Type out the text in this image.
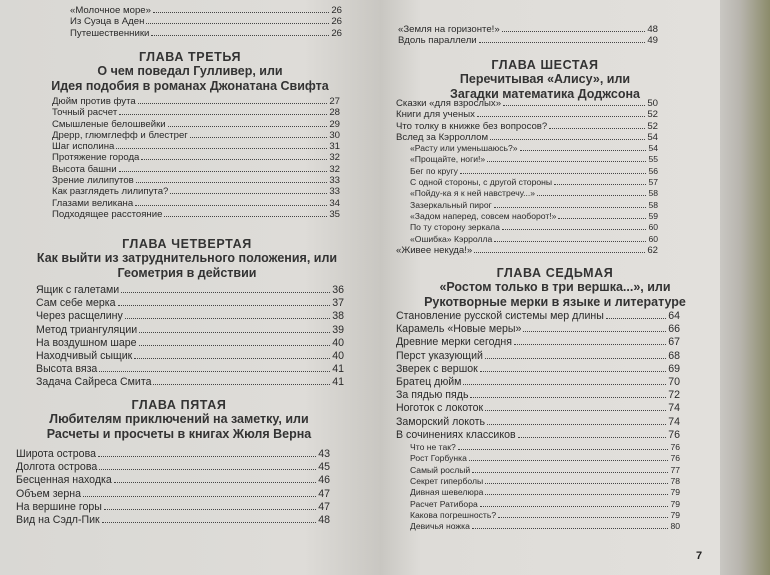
«Молочное море»	26
Из Суэца в Аден	26
Путешественники	26
ГЛАВА ТРЕТЬЯ
О чем поведал Гулливер, или
Идея подобия в романах Джонатана Свифта
Дюйм против фута	27
Точный расчет	28
Смышленые белошвейки	29
Дрерр, глюмглефф и блестрег	30
Шаг исполина	31
Протяжение города	32
Высота башни	32
Зрение лилипутов	33
Как разглядеть лилипута?	33
Глазами великана	34
Подходящее расстояние	35
ГЛАВА ЧЕТВЕРТАЯ
Как выйти из затруднительного положения, или
Геометрия в действии
Ящик с галетами	36
Сам себе мерка	37
Через расщелину	38
Метод триангуляции	39
На воздушном шаре	40
Находчивый сыщик	40
Высота вяза	41
Задача Сайреса Смита	41
ГЛАВА ПЯТАЯ
Любителям приключений на заметку, или
Расчеты и просчеты в книгах Жюля Верна
Широта острова	43
Долгота острова	45
Бесценная находка	46
Объем зерна	47
На вершине горы	47
Вид на Сэдл-Пик	48
«Земля на горизонте!»	48
Вдоль параллели	49
ГЛАВА ШЕСТАЯ
Перечитывая «Алису», или
Загадки математика Доджсона
Сказки «для взрослых»	50
Книги для ученых	52
Что толку в книжке без вопросов?	52
Вслед за Кэрроллом	54
«Расту или уменьшаюсь?»	54
«Прощайте, ноги!»	55
Бег по кругу	56
С одной стороны, с другой стороны	57
«Пойду-ка я к ней навстречу...»	58
Зазеркальный пирог	58
«Задом наперед, совсем наоборот!»	59
По ту сторону зеркала	60
«Ошибка» Кэрролла	60
«Живее некуда!»	62
ГЛАВА СЕДЬМАЯ
«Ростом только в три вершка...», или
Рукотворные мерки в языке и литературе
Становление русской системы мер длины	64
Карамель «Новые меры»	66
Древние мерки сегодня	67
Перст указующий	68
Зверек с вершок	69
Братец дюйм	70
За пядью пядь	72
Ноготок с локоток	74
Заморский локоть	74
В сочинениях классиков	76
Что не так?	76
Рост Горбунка	76
Самый рослый	77
Секрет гиперболы	78
Дивная шевелюра	79
Расчет Ратибора	79
Какова погрешность?	79
Девичья ножка	80
7
